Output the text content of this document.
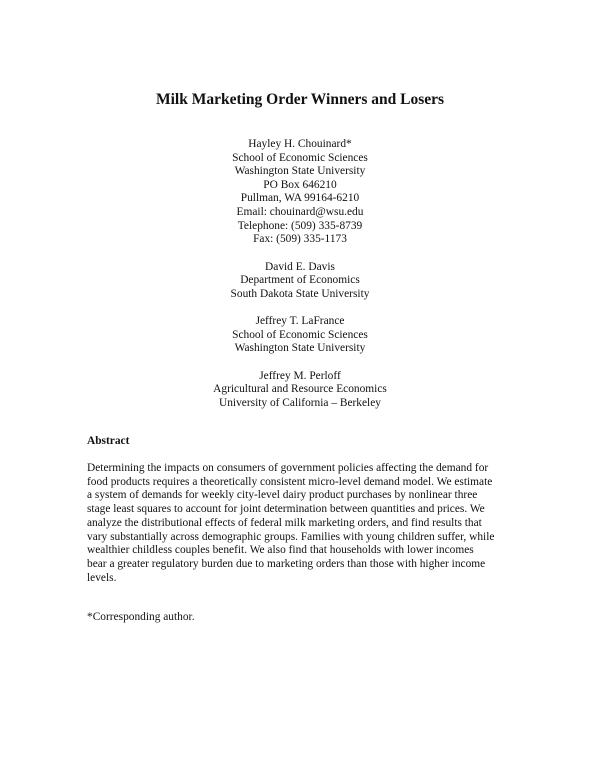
Milk Marketing Order Winners and Losers
Hayley H. Chouinard*
School of Economic Sciences
Washington State University
PO Box 646210
Pullman, WA 99164-6210
Email: chouinard@wsu.edu
Telephone: (509) 335-8739
Fax: (509) 335-1173
David E. Davis
Department of Economics
South Dakota State University
Jeffrey T. LaFrance
School of Economic Sciences
Washington State University
Jeffrey M. Perloff
Agricultural and Resource Economics
University of California – Berkeley
Abstract
Determining the impacts on consumers of government policies affecting the demand for
food products requires a theoretically consistent micro-level demand model. We estimate
a system of demands for weekly city-level dairy product purchases by nonlinear three
stage least squares to account for joint determination between quantities and prices. We
analyze the distributional effects of federal milk marketing orders, and find results that
vary substantially across demographic groups. Families with young children suffer, while
wealthier childless couples benefit. We also find that households with lower incomes
bear a greater regulatory burden due to marketing orders than those with higher income
levels.
*Corresponding author.
